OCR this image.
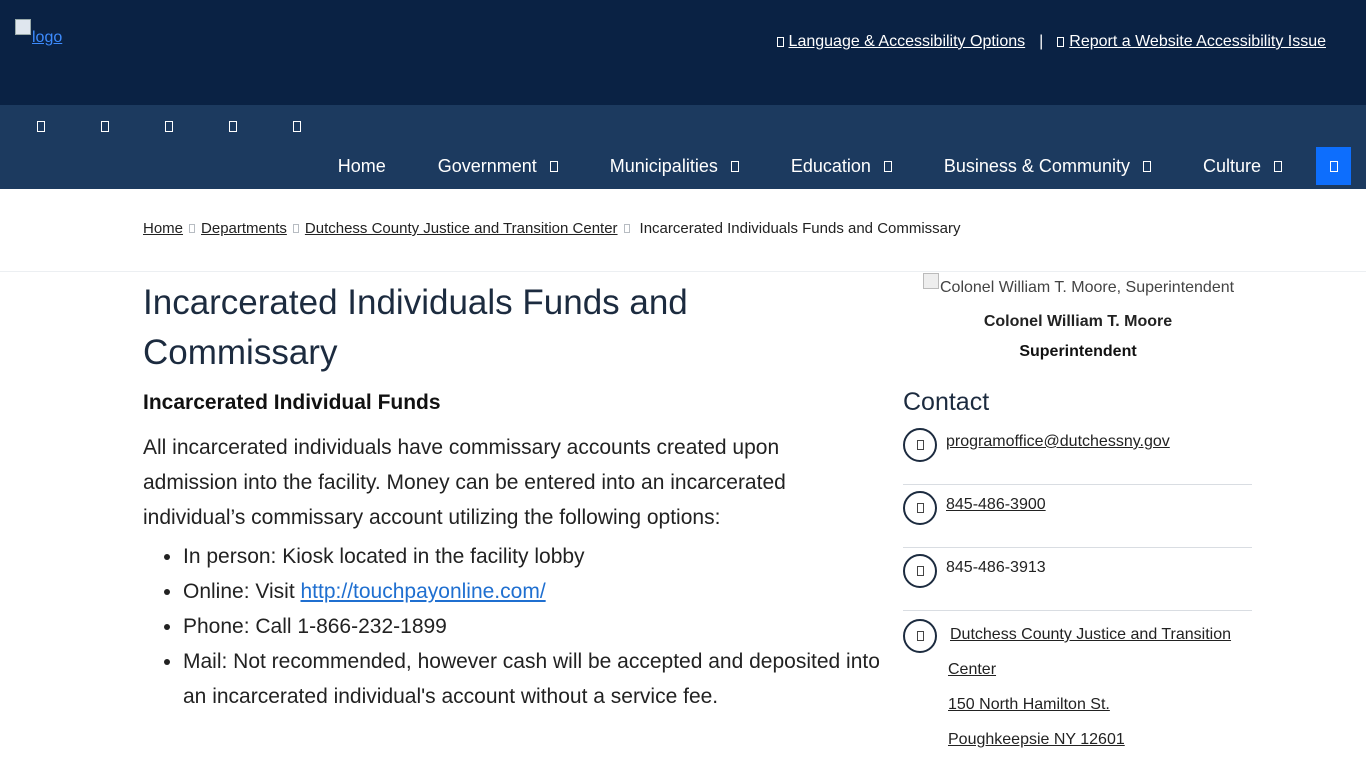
logo	Language & Accessibility Options |	Report a Website Accessibility Issue
Home	Government	Municipalities	Education	Business & Community	Culture
Home Departments Dutchess County Justice and Transition Center Incarcerated Individuals Funds and Commissary
Incarcerated Individuals Funds and Commissary
Incarcerated Individual Funds

All incarcerated individuals have commissary accounts created upon admission into the facility. Money can be entered into an incarcerated individual’s commissary account utilizing the following options:

• In person: Kiosk located in the facility lobby
• Online: Visit http://touchpayonline.com/
• Phone: Call 1-866-232-1899
• Mail: Not recommended, however cash will be accepted and deposited into an incarcerated individual's account without a service fee.
Colonel William T. Moore, Superintendent
Colonel William T. Moore
Superintendent
Contact
programoffice@dutchessny.gov
845-486-3900
845-486-3913
Dutchess County Justice and Transition Center
150 North Hamilton St.
Poughkeepsie NY 12601
